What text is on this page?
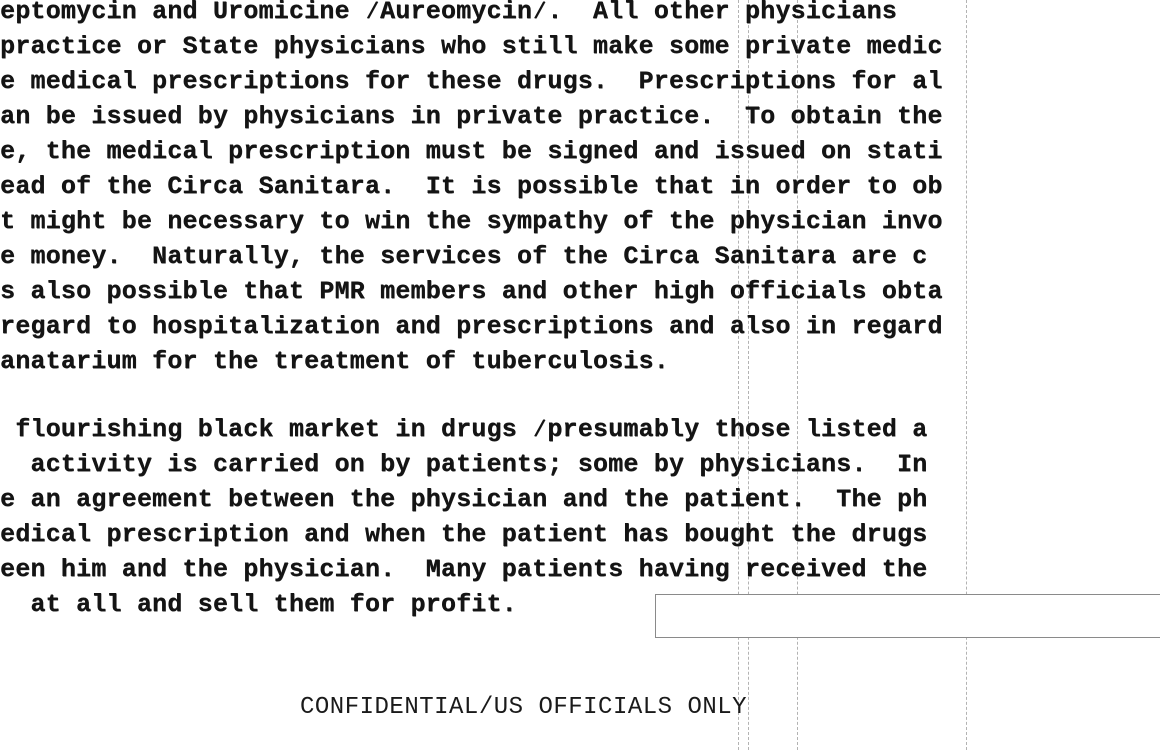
eptomycin and Uromicine ∕Aureomycin∕.  All other physicians
practice or State physicians who still make some private medic
e medical prescriptions for these drugs.  Prescriptions for al
an be issued by physicians in private practice.  To obtain the
e, the medical prescription must be signed and issued on stati
ead of the Circa Sanitara.  It is possible that in order to ob
t might be necessary to win the sympathy of the physician invo
e money.  Naturally, the services of the Circa Sanitara are c
s also possible that PMR members and other high officials obta
regard to hospitalization and prescriptions and also in regard
anatarium for the treatment of tuberculosis.
flourishing black market in drugs ∕presumably those listed a
activity is carried on by patients; some by physicians.  In
e an agreement between the physician and the patient.  The ph
edical prescription and when the patient has bought the drugs
een him and the physician.  Many patients having received the
at all and sell them for profit.
CONFIDENTIAL/US OFFICIALS ONLY
